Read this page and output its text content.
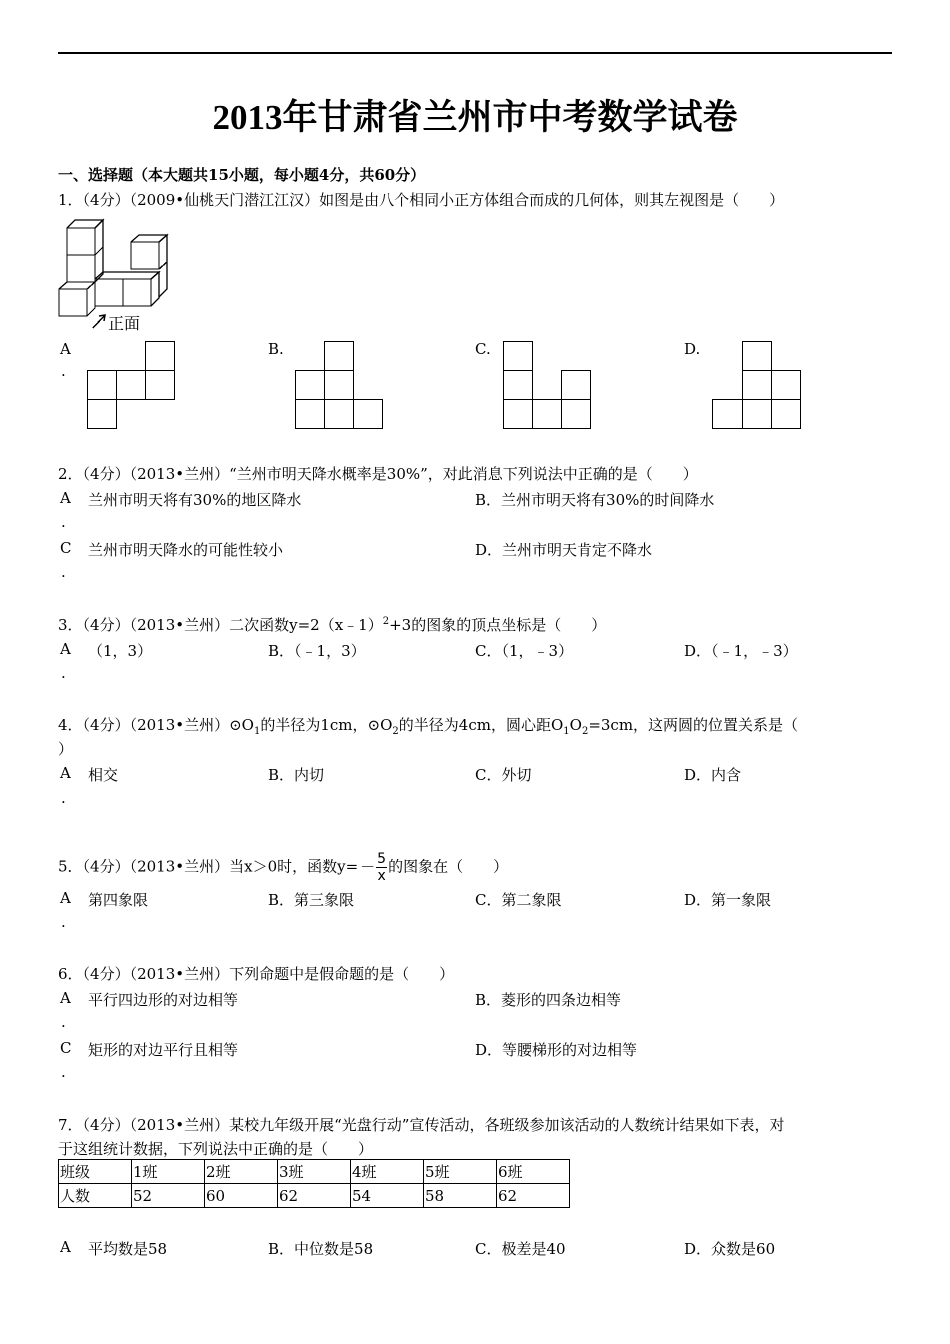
2013年甘肃省兰州市中考数学试卷
一、选择题（本大题共15小题，每小题4分，共60分）
1．（4分）（2009•仙桃天门潜江江汉）如图是由八个相同小正方体组合而成的几何体，则其左视图是（　　）
正面
A
.
B.	C.	D.
2．（4分）（2013•兰州）“兰州市明天降水概率是30%”，对此消息下列说法中正确的是（　　）
A
.
兰州市明天将有30%的地区降水	B．兰州市明天将有30%的时间降水
C
.
兰州市明天降水的可能性较小	D．兰州市明天肯定不降水
3．（4分）（2013•兰州）二次函数y=2（x﹣1）$^2$+3的图象的顶点坐标是（　　）
A
.
（1，3）	B．（﹣1，3）	C．（1，﹣3）	D．（﹣1，﹣3）
4．（4分）（2013•兰州）$⊙O_1$的半径为1cm，$⊙O_2$的半径为4cm，圆心距$O_1O_2=3cm$，这两圆的位置关系是（
）
A
.
相交	B．内切	C．外切	D．内含
5．（4分）（2013•兰州）当x＞0时，函数$y= - \frac{5}{x}$ 的图象在（　　）
A
.
第四象限	B．第三象限	C．第二象限	D．第一象限
6．（4分）（2013•兰州）下列命题中是假命题的是（　　）
A
.
平行四边形的对边相等	B．菱形的四条边相等
C
.
矩形的对边平行且相等	D．等腰梯形的对边相等
7．（4分）（2013•兰州）某校九年级开展“光盘行动”宣传活动，各班级参加该活动的人数统计结果如下表，对
于这组统计数据，下列说法中正确的是（　　）
班级	1班	2班	3班	4班	5班	6班
人数	52	60	62	54	58	62
A 平均数是58	B．中位数是58	C．极差是40	D．众数是60
